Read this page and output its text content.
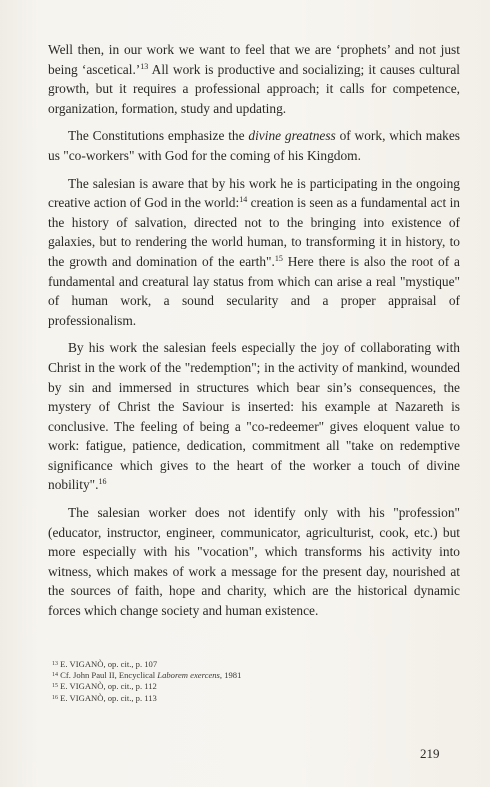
Well then, in our work we want to feel that we are ‘prophets’ and not just being ‘ascetical.’$^{13}$ All work is productive and socializing; it causes cultural growth, but it requires a professional approach; it calls for competence, organization, formation, study and updating.

The Constitutions emphasize the divine greatness of work, which makes us "co-workers" with God for the coming of his Kingdom.

The salesian is aware that by his work he is participating in the ongoing creative action of God in the world:$^{14}$ creation is seen as a fundamental act in the history of salvation, directed not to the bringing into existence of galaxies, but to rendering the world human, to transforming it in history, to the growth and domination of the earth".$^{15}$ Here there is also the root of a fundamental and creatural lay status from which can arise a real "mystique" of human work, a sound secularity and a proper appraisal of professionalism.

By his work the salesian feels especially the joy of collaborating with Christ in the work of the "redemption"; in the activity of mankind, wounded by sin and immersed in structures which bear sin’s consequences, the mystery of Christ the Saviour is inserted: his example at Nazareth is conclusive. The feeling of being a "co-redeemer" gives eloquent value to work: fatigue, patience, dedication, commitment all "take on redemptive significance which gives to the heart of the worker a touch of divine nobility".$^{16}$

The salesian worker does not identify only with his "profession" (educator, instructor, engineer, communicator, agriculturist, cook, etc.) but more especially with his "vocation", which transforms his activity into witness, which makes of work a message for the present day, nourished at the sources of faith, hope and charity, which are the historical dynamic forces which change society and human existence.

$^{13}$ E. VIGANÒ, op. cit., p. 107
$^{14}$ Cf. John Paul II, Encyclical Laborem exercens, 1981
$^{15}$ E. VIGANÒ, op. cit., p. 112
$^{16}$ E. VIGANÒ, op. cit., p. 113
219
